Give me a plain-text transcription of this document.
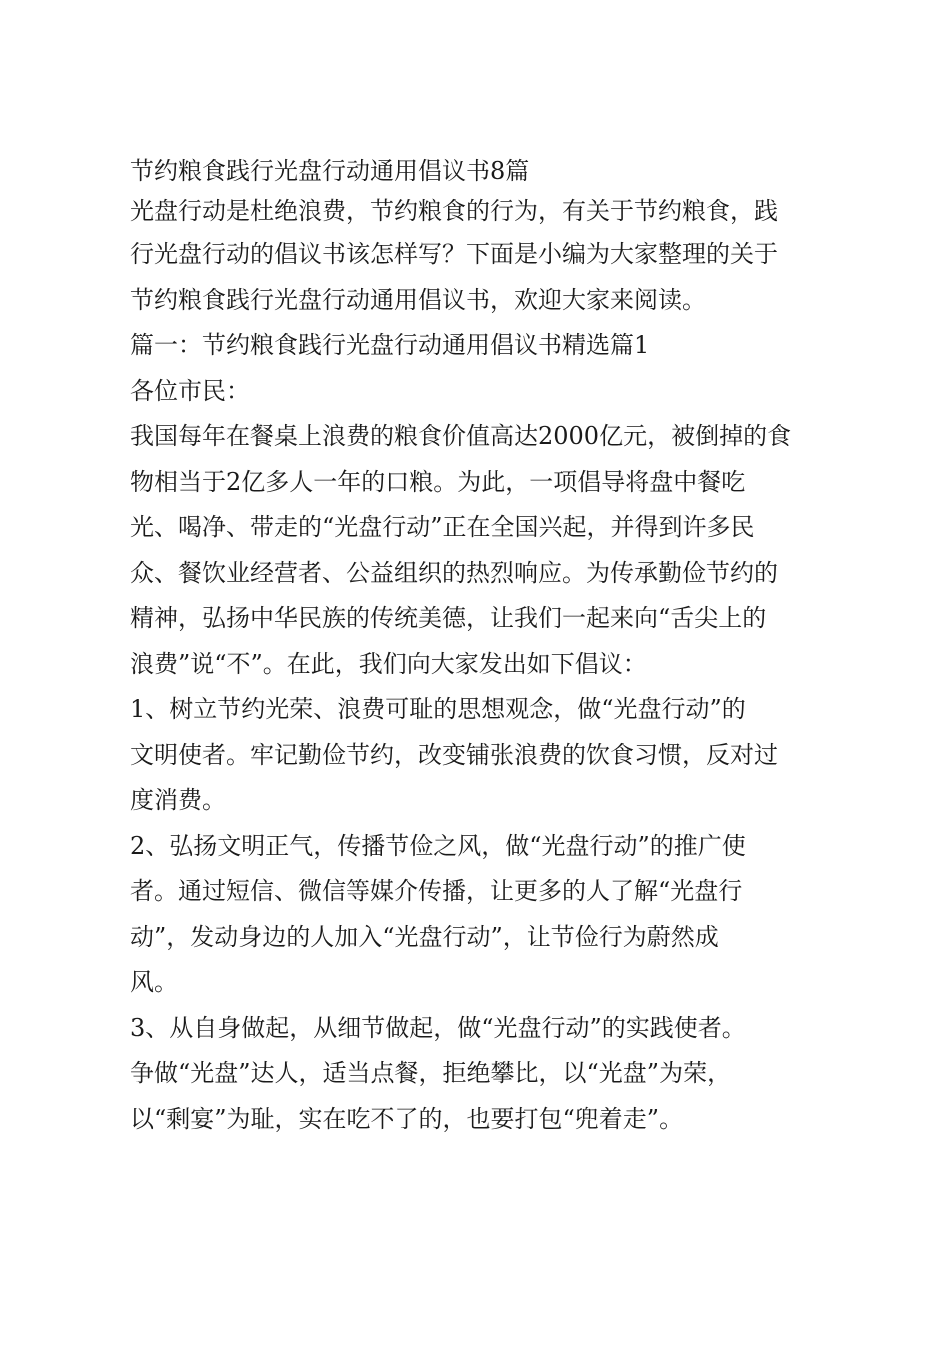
节约粮食践行光盘行动通用倡议书8篇
光盘行动是杜绝浪费，节约粮食的行为，有关于节约粮食，践
行光盘行动的倡议书该怎样写？下面是小编为大家整理的关于
节约粮食践行光盘行动通用倡议书，欢迎大家来阅读。
篇一：节约粮食践行光盘行动通用倡议书精选篇1
各位市民：
我国每年在餐桌上浪费的粮食价值高达2000亿元，被倒掉的食
物相当于2亿多人一年的口粮。为此，一项倡导将盘中餐吃
光、喝净、带走的“光盘行动”正在全国兴起，并得到许多民
众、餐饮业经营者、公益组织的热烈响应。为传承勤俭节约的
精神，弘扬中华民族的传统美德，让我们一起来向“舌尖上的
浪费”说“不”。在此，我们向大家发出如下倡议：
1、树立节约光荣、浪费可耻的思想观念，做“光盘行动”的
文明使者。牢记勤俭节约，改变铺张浪费的饮食习惯，反对过
度消费。
2、弘扬文明正气，传播节俭之风，做“光盘行动”的推广使
者。通过短信、微信等媒介传播，让更多的人了解“光盘行
动”，发动身边的人加入“光盘行动”，让节俭行为蔚然成
风。
3、从自身做起，从细节做起，做“光盘行动”的实践使者。
争做“光盘”达人，适当点餐，拒绝攀比，以“光盘”为荣，
以“剩宴”为耻，实在吃不了的，也要打包“兜着走”。
